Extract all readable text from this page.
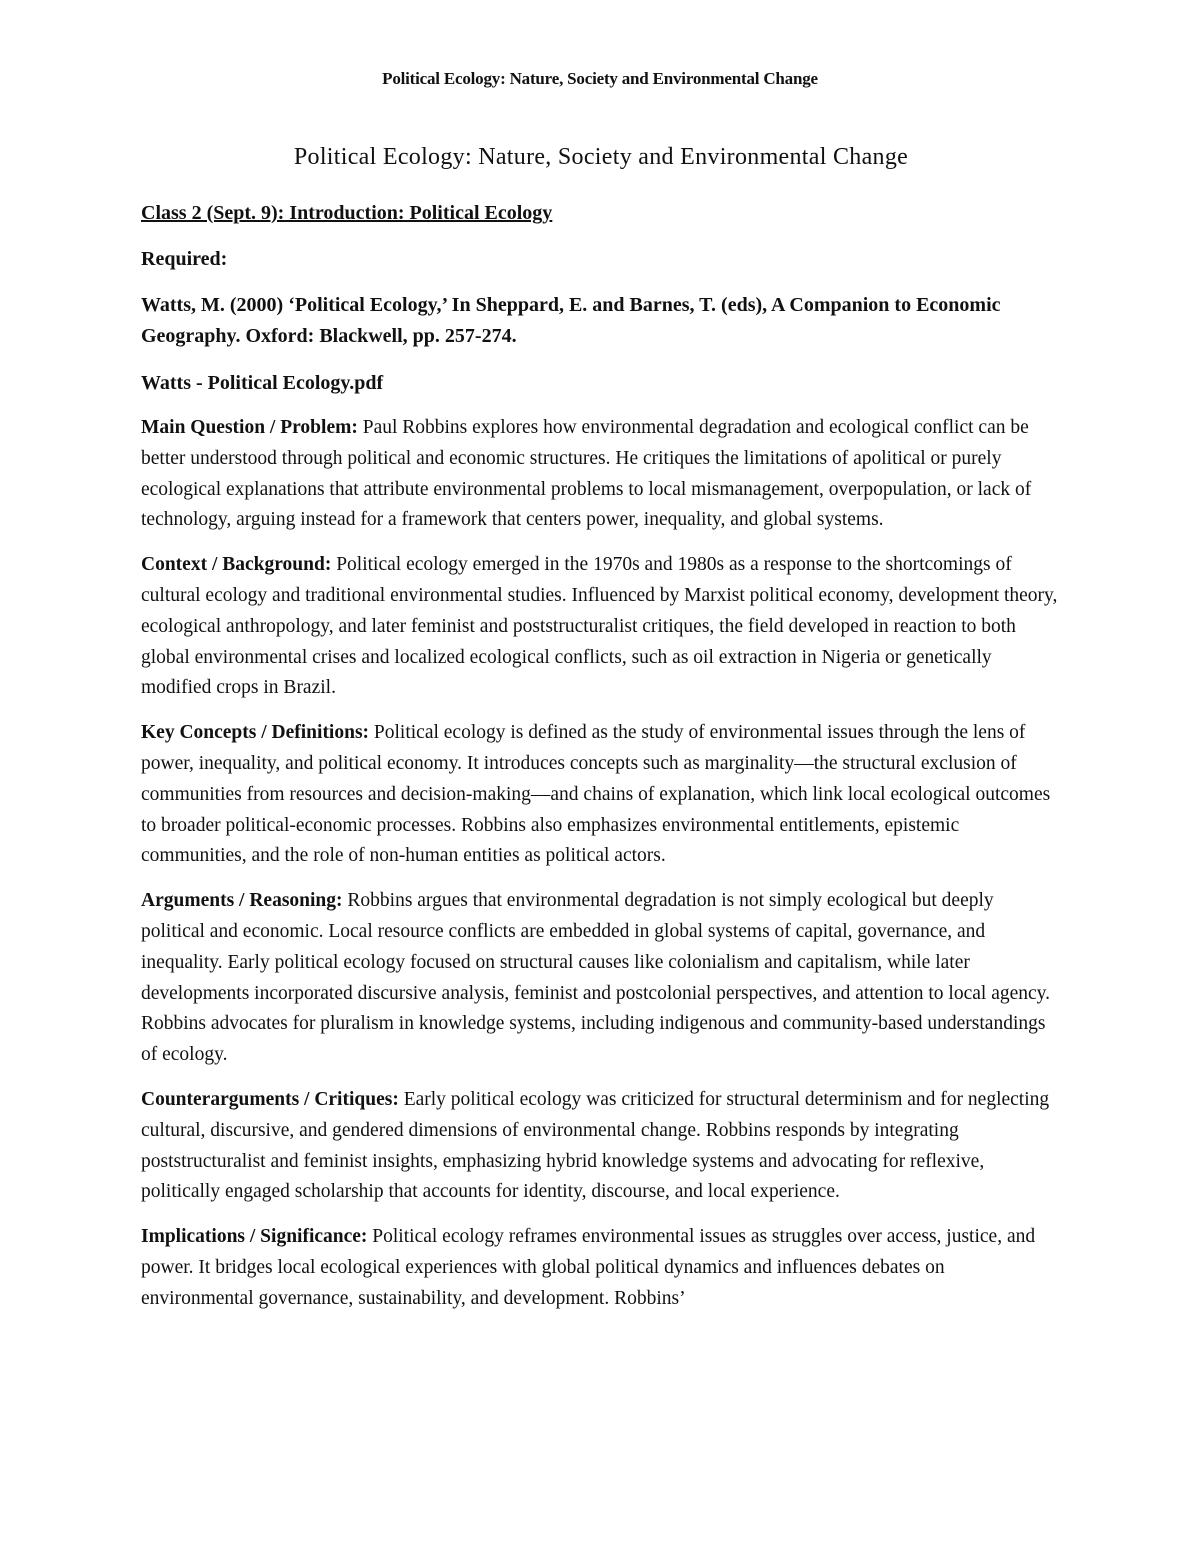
Political Ecology: Nature, Society and Environmental Change
Political Ecology: Nature, Society and Environmental Change
Class 2 (Sept. 9): Introduction: Political Ecology
Required:
Watts, M. (2000) ‘Political Ecology,’ In Sheppard, E. and Barnes, T. (eds), A Companion to Economic Geography. Oxford: Blackwell, pp. 257-274.
Watts - Political Ecology.pdf

Main Question / Problem: Paul Robbins explores how environmental degradation and ecological conflict can be better understood through political and economic structures. He critiques the limitations of apolitical or purely ecological explanations that attribute environmental problems to local mismanagement, overpopulation, or lack of technology, arguing instead for a framework that centers power, inequality, and global systems.

Context / Background: Political ecology emerged in the 1970s and 1980s as a response to the shortcomings of cultural ecology and traditional environmental studies. Influenced by Marxist political economy, development theory, ecological anthropology, and later feminist and poststructuralist critiques, the field developed in reaction to both global environmental crises and localized ecological conflicts, such as oil extraction in Nigeria or genetically modified crops in Brazil.

Key Concepts / Definitions: Political ecology is defined as the study of environmental issues through the lens of power, inequality, and political economy. It introduces concepts such as marginality—the structural exclusion of communities from resources and decision-making—and chains of explanation, which link local ecological outcomes to broader political-economic processes. Robbins also emphasizes environmental entitlements, epistemic communities, and the role of non-human entities as political actors.

Arguments / Reasoning: Robbins argues that environmental degradation is not simply ecological but deeply political and economic. Local resource conflicts are embedded in global systems of capital, governance, and inequality. Early political ecology focused on structural causes like colonialism and capitalism, while later developments incorporated discursive analysis, feminist and postcolonial perspectives, and attention to local agency. Robbins advocates for pluralism in knowledge systems, including indigenous and community-based understandings of ecology.

Counterarguments / Critiques: Early political ecology was criticized for structural determinism and for neglecting cultural, discursive, and gendered dimensions of environmental change. Robbins responds by integrating poststructuralist and feminist insights, emphasizing hybrid knowledge systems and advocating for reflexive, politically engaged scholarship that accounts for identity, discourse, and local experience.

Implications / Significance: Political ecology reframes environmental issues as struggles over access, justice, and power. It bridges local ecological experiences with global political dynamics and influences debates on environmental governance, sustainability, and development. Robbins’
